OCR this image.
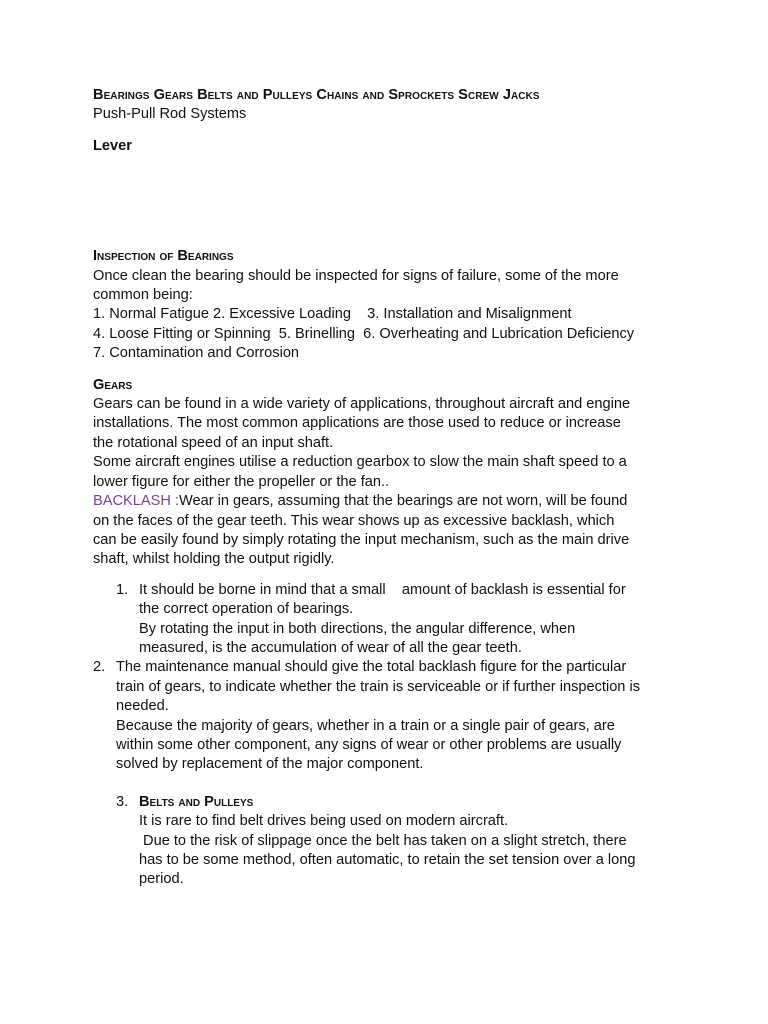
Bearings Gears Belts and Pulleys Chains and Sprockets Screw Jacks
Push-Pull Rod Systems
Lever
Inspection of Bearings
Once clean the bearing should be inspected for signs of failure, some of the more
common being:
1. Normal Fatigue 2. Excessive Loading    3. Installation and Misalignment
4. Loose Fitting or Spinning  5. Brinelling  6. Overheating and Lubrication Deficiency
7. Contamination and Corrosion
Gears
Gears can be found in a wide variety of applications, throughout aircraft and engine
installations. The most common applications are those used to reduce or increase
the rotational speed of an input shaft.
Some aircraft engines utilise a reduction gearbox to slow the main shaft speed to a
lower figure for either the propeller or the fan..
BACKLASH :Wear in gears, assuming that the bearings are not worn, will be found
on the faces of the gear teeth. This wear shows up as excessive backlash, which
can be easily found by simply rotating the input mechanism, such as the main drive
shaft, whilst holding the output rigidly.
1. It should be borne in mind that a small    amount of backlash is essential for
the correct operation of bearings.
By rotating the input in both directions, the angular difference, when
measured, is the accumulation of wear of all the gear teeth.
2. The maintenance manual should give the total backlash figure for the particular
train of gears, to indicate whether the train is serviceable or if further inspection is
needed.
Because the majority of gears, whether in a train or a single pair of gears, are
within some other component, any signs of wear or other problems are usually
solved by replacement of the major component.
3. Belts and Pulleys
It is rare to find belt drives being used on modern aircraft.
Due to the risk of slippage once the belt has taken on a slight stretch, there
has to be some method, often automatic, to retain the set tension over a long
period.
